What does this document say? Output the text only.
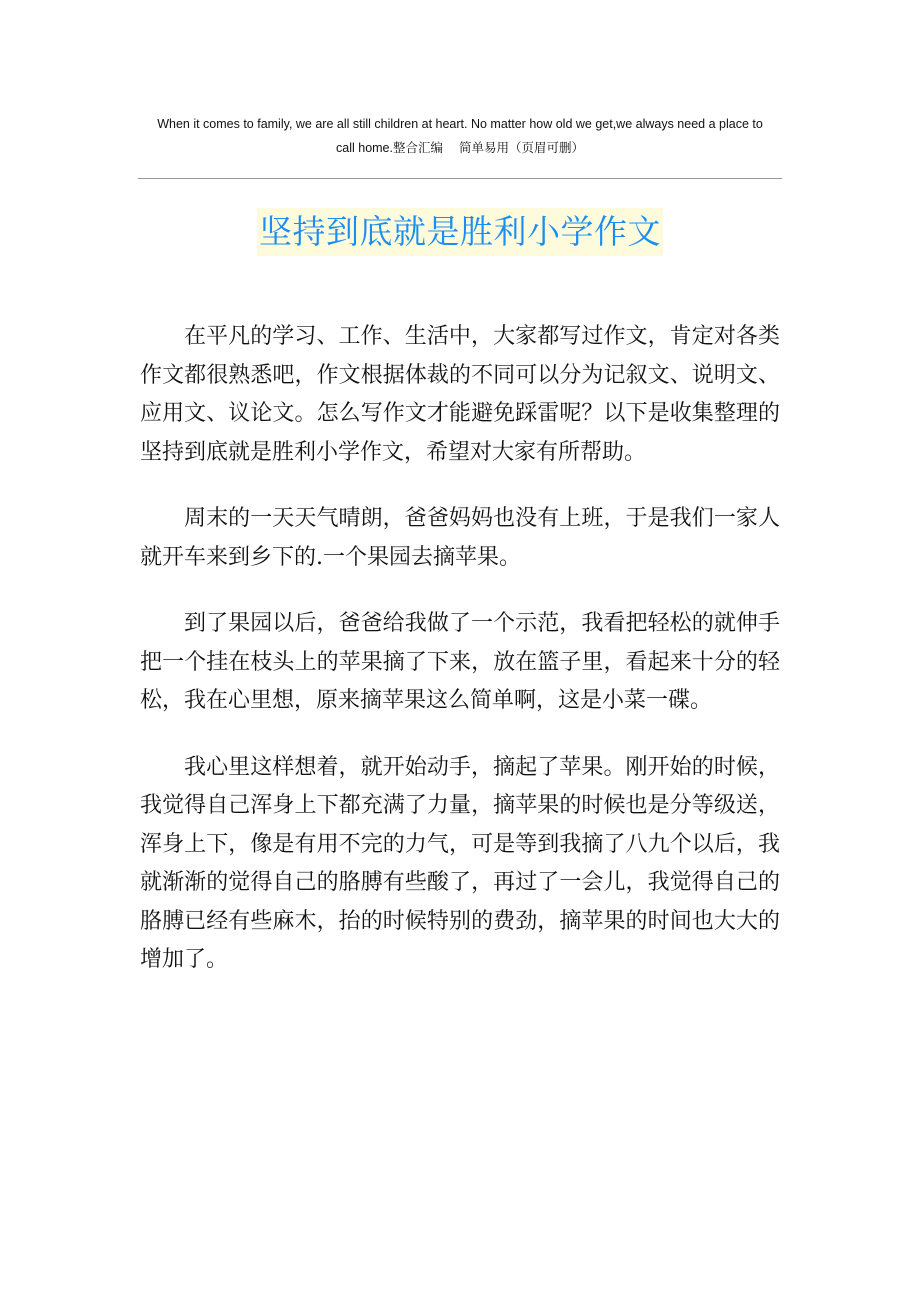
When it comes to family, we are all still children at heart. No matter how old we get,we always need a place to
call home.整合汇编　 简单易用（页眉可删）
坚持到底就是胜利小学作文

在平凡的学习、工作、生活中，大家都写过作文，肯定对各类作文都很熟悉吧，作文根据体裁的不同可以分为记叙文、说明文、应用文、议论文。怎么写作文才能避免踩雷呢？以下是收集整理的坚持到底就是胜利小学作文，希望对大家有所帮助。

周末的一天天气晴朗，爸爸妈妈也没有上班，于是我们一家人就开车来到乡下的.一个果园去摘苹果。

到了果园以后，爸爸给我做了一个示范，我看把轻松的就伸手把一个挂在枝头上的苹果摘了下来，放在篮子里，看起来十分的轻松，我在心里想，原来摘苹果这么简单啊，这是小菜一碟。

我心里这样想着，就开始动手，摘起了苹果。刚开始的时候，我觉得自己浑身上下都充满了力量，摘苹果的时候也是分等级送，浑身上下，像是有用不完的力气，可是等到我摘了八九个以后，我就渐渐的觉得自己的胳膊有些酸了，再过了一会儿，我觉得自己的胳膊已经有些麻木，抬的时候特别的费劲，摘苹果的时间也大大的增加了。
